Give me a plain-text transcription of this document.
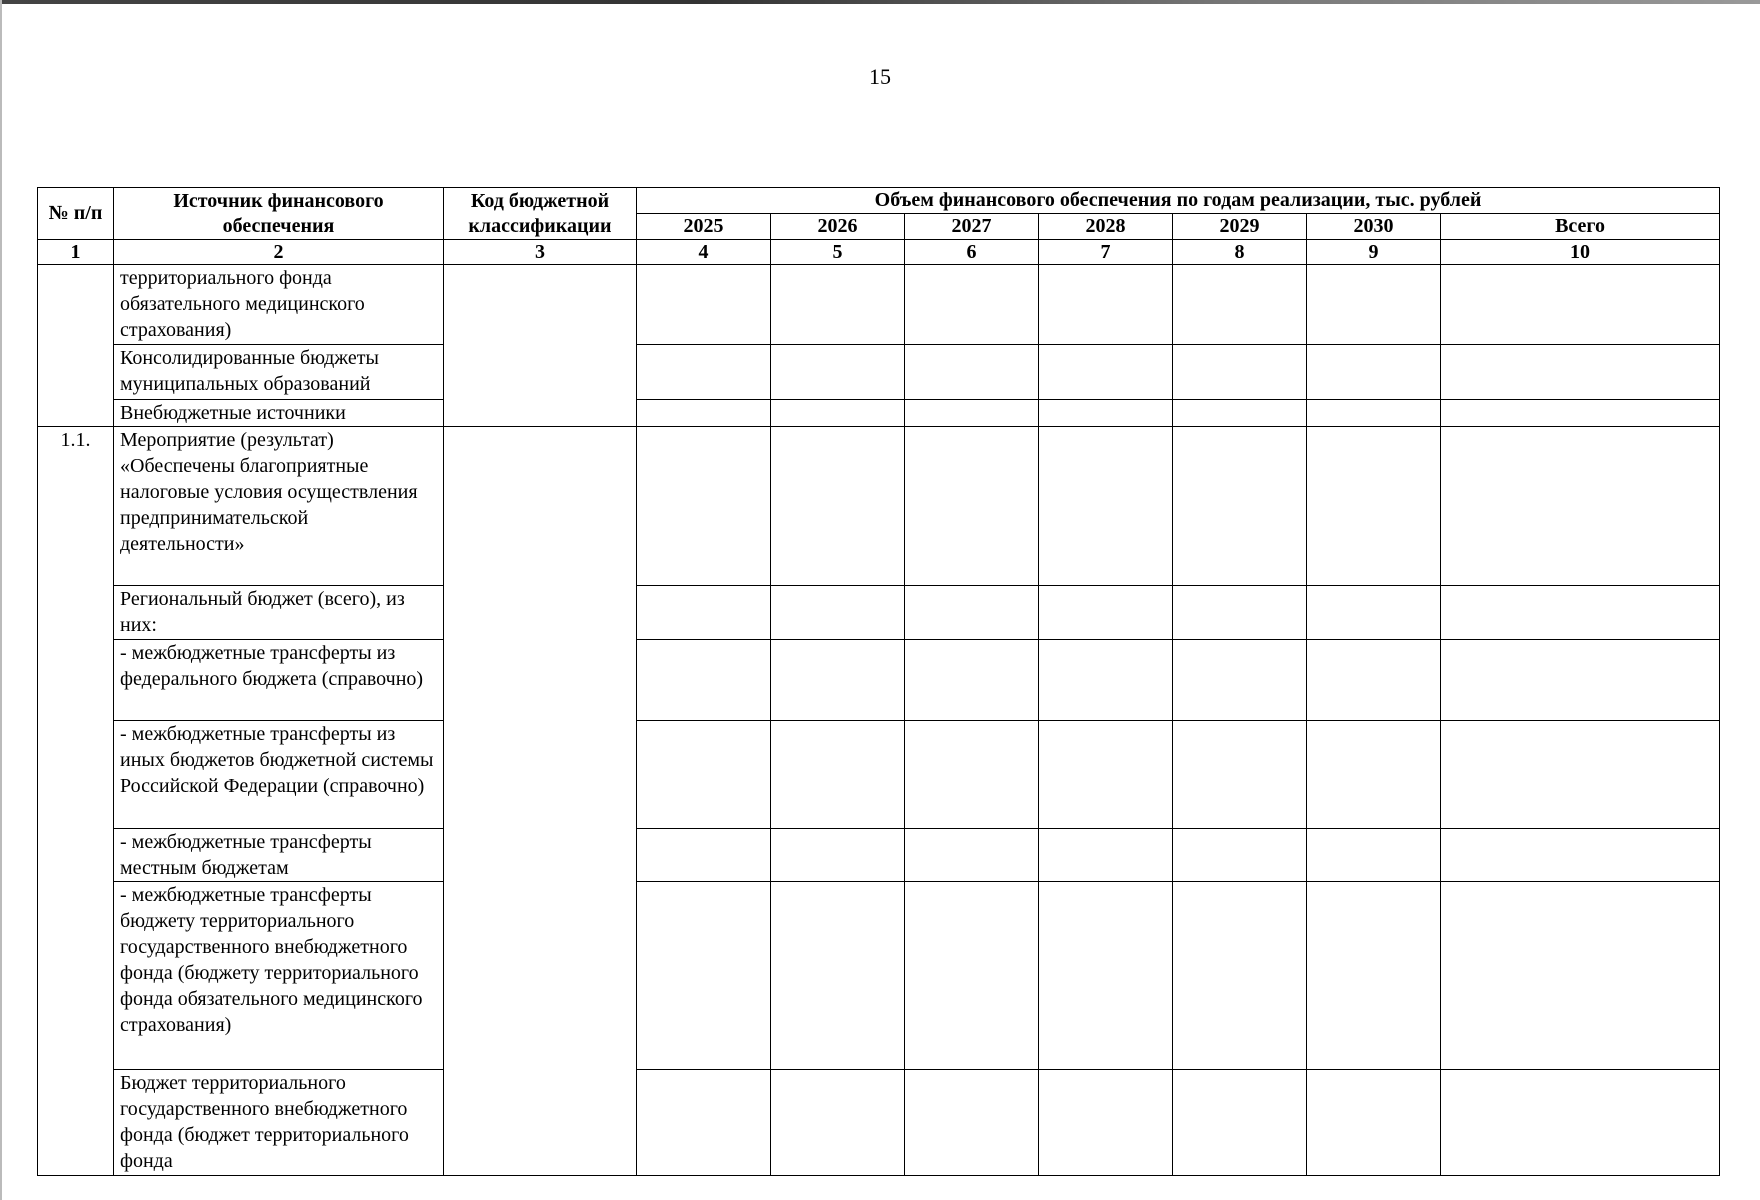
15
№ п/п	Источник финансового обеспечения	Код бюджетной классификации	Объем финансового обеспечения по годам реализации, тыс. рублей						
			2025	2026	2027	2028	2029	2030	Всего
1	2	3	4	5	6	7	8	9	10
	территориального фонда обязательного медицинского страхования)								
	Консолидированные бюджеты муниципальных образований								
	Внебюджетные источники								
1.1.	Мероприятие (результат) «Обеспечены благоприятные налоговые условия осуществления предпринимательской деятельности»								
	Региональный бюджет (всего), из них:								
	- межбюджетные трансферты из федерального бюджета (справочно)								
	- межбюджетные трансферты из иных бюджетов бюджетной системы Российской Федерации (справочно)								
	- межбюджетные трансферты местным бюджетам								
	- межбюджетные трансферты бюджету территориального государственного внебюджетного фонда (бюджету территориального фонда обязательного медицинского страхования)								
	Бюджет территориального государственного внебюджетного фонда (бюджет территориального фонда								
